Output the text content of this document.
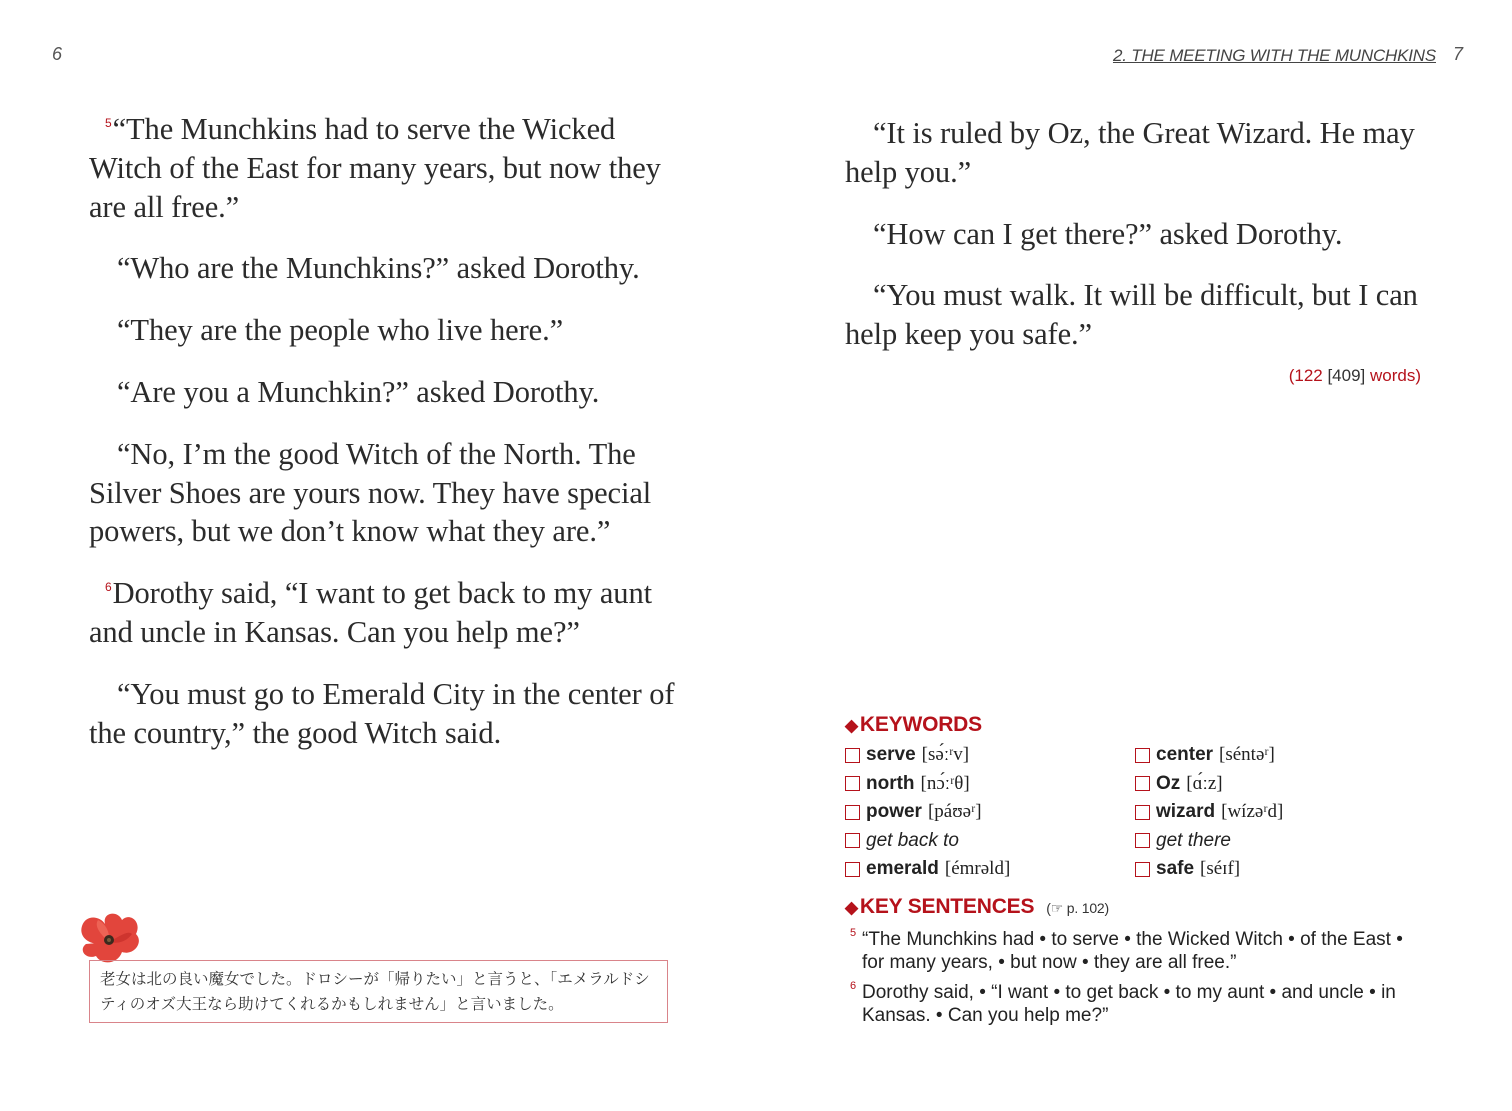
6	2. THE MEETING WITH THE MUNCHKINS 7

$^5$“The Munchkins had to serve the Wicked Witch of the East for many years, but now they are all free.”

“Who are the Munchkins?” asked Dorothy.

“They are the people who live here.”

“Are you a Munchkin?” asked Dorothy.

“No, I’m the good Witch of the North. The Silver Shoes are yours now. They have special powers, but we don’t know what they are.”

$^6$Dorothy said, “I want to get back to my aunt and uncle in Kansas. Can you help me?”

“You must go to Emerald City in the center of the country,” the good Witch said.

老女は北の良い魔女でした。ドロシーが「帰りたい」と言うと、「エメラルドシティのオズ大王なら助けてくれるかもしれません」と言いました。

“It is ruled by Oz, the Great Wizard. He may help you.”

“How can I get there?” asked Dorothy.

“You must walk. It will be difficult, but I can help keep you safe.”

(122 [409] words)
◆KEYWORDS
serve [sə́ːʳv]	center [séntəʳ]
north [nɔ́ːʳθ]	Oz [ɑ́ːz]
power [páʊəʳ]	wizard [wízəʳd]
get back to	get there
emerald [émrəld]	safe [séɪf]
◆KEY SENTENCES (☞ p. 102)
5 “The Munchkins had • to serve • the Wicked Witch • of the East • for many years, • but now • they are all free.”
6 Dorothy said, • “I want • to get back • to my aunt • and uncle • in Kansas. • Can you help me?”
